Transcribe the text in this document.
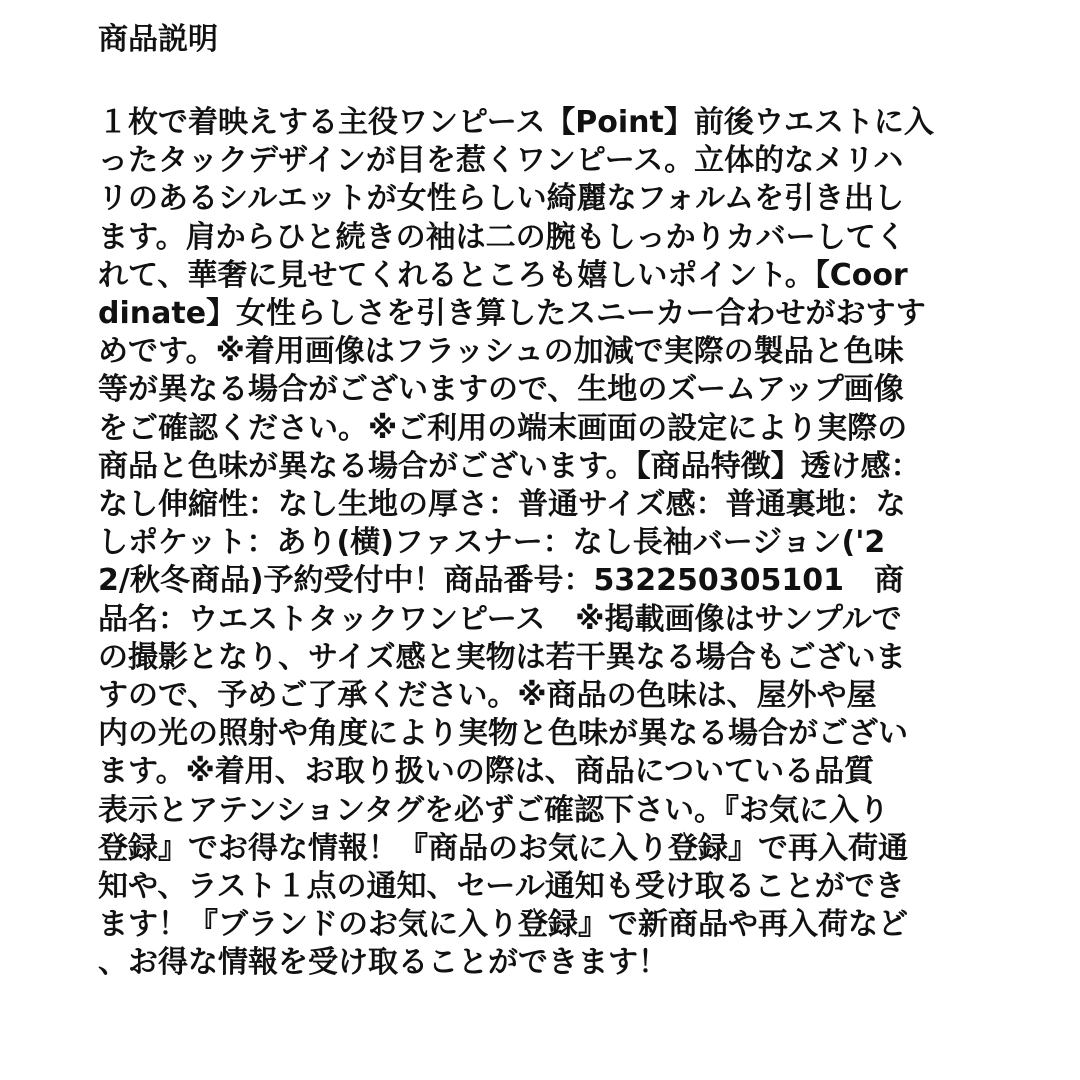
商品説明
１枚で着映えする主役ワンピース【Point】前後ウエストに入
ったタックデザインが目を惹くワンピース。立体的なメリハ
リのあるシルエットが女性らしい綺麗なフォルムを引き出し
ます。肩からひと続きの袖は二の腕もしっかりカバーしてく
れて、華奢に見せてくれるところも嬉しいポイント。【Coor
dinate】女性らしさを引き算したスニーカー合わせがおすす
めです。※着用画像はフラッシュの加減で実際の製品と色味
等が異なる場合がございますので、生地のズームアップ画像
をご確認ください。※ご利用の端末画面の設定により実際の
商品と色味が異なる場合がございます。【商品特徴】透け感：
なし伸縮性：なし生地の厚さ：普通サイズ感：普通裏地：な
しポケット：あり(横)ファスナー：なし長袖バージョン('2
2/秋冬商品)予約受付中！商品番号：532250305101　商
品名：ウエストタックワンピース　※掲載画像はサンプルで
の撮影となり、サイズ感と実物は若干異なる場合もございま
すので、予めご了承ください。※商品の色味は、屋外や屋
内の光の照射や角度により実物と色味が異なる場合がござい
ます。※着用、お取り扱いの際は、商品についている品質
表示とアテンションタグを必ずご確認下さい。『お気に入り
登録』でお得な情報！『商品のお気に入り登録』で再入荷通
知や、ラスト１点の通知、セール通知も受け取ることができ
ます！『ブランドのお気に入り登録』で新商品や再入荷など
、お得な情報を受け取ることができます！
